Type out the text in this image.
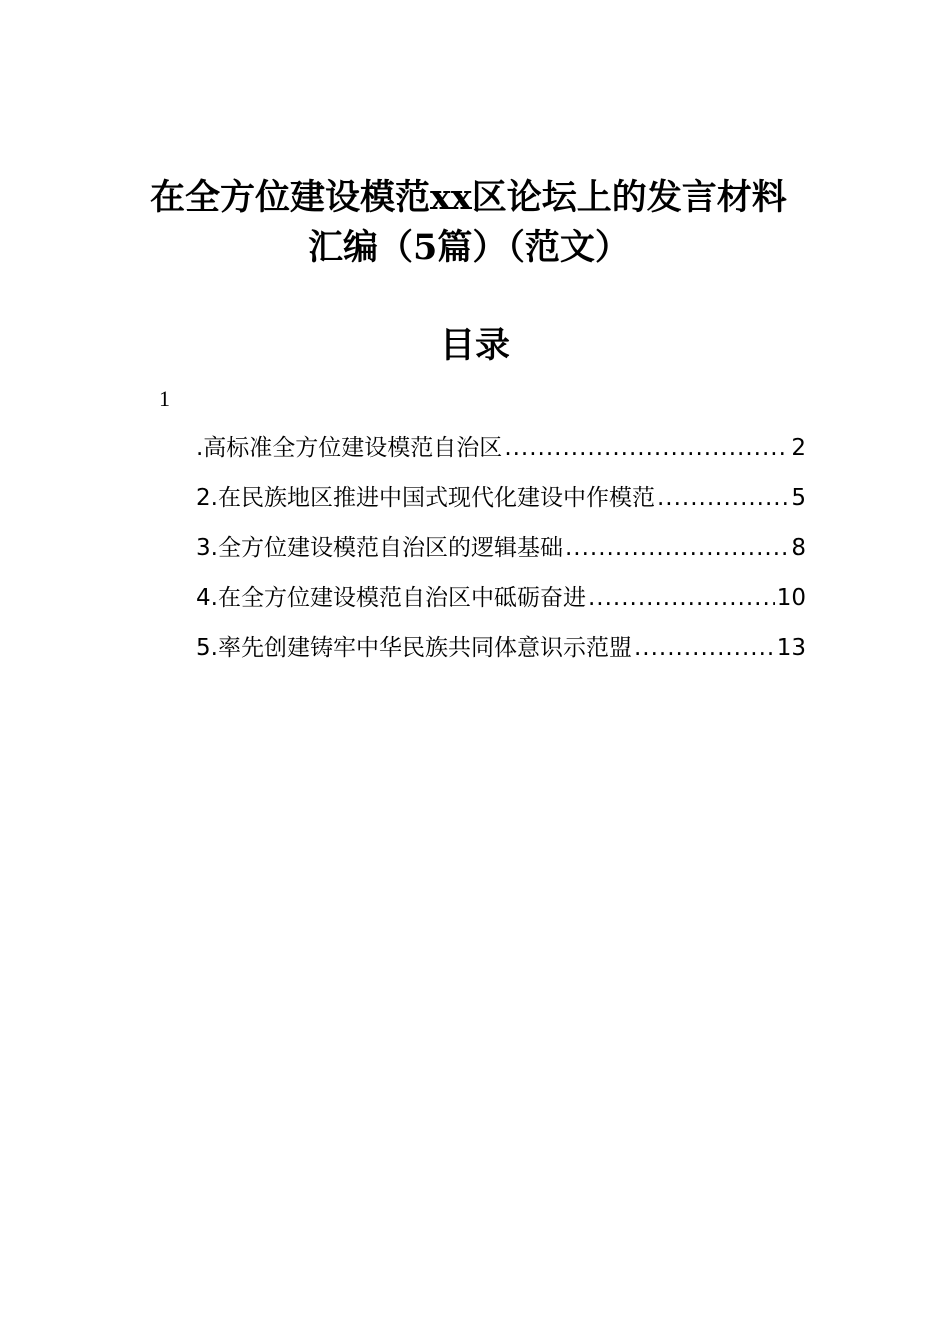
在全方位建设模范xx区论坛上的发言材料
汇编（5篇）（范文）
目录
1
.高标准全方位建设模范自治区 .....	2
2.在民族地区推进中国式现代化建设中作模范 .....	5
3.全方位建设模范自治区的逻辑基础 .....	8
4.在全方位建设模范自治区中砥砺奋进 .....	10
5.率先创建铸牢中华民族共同体意识示范盟 .....	13
